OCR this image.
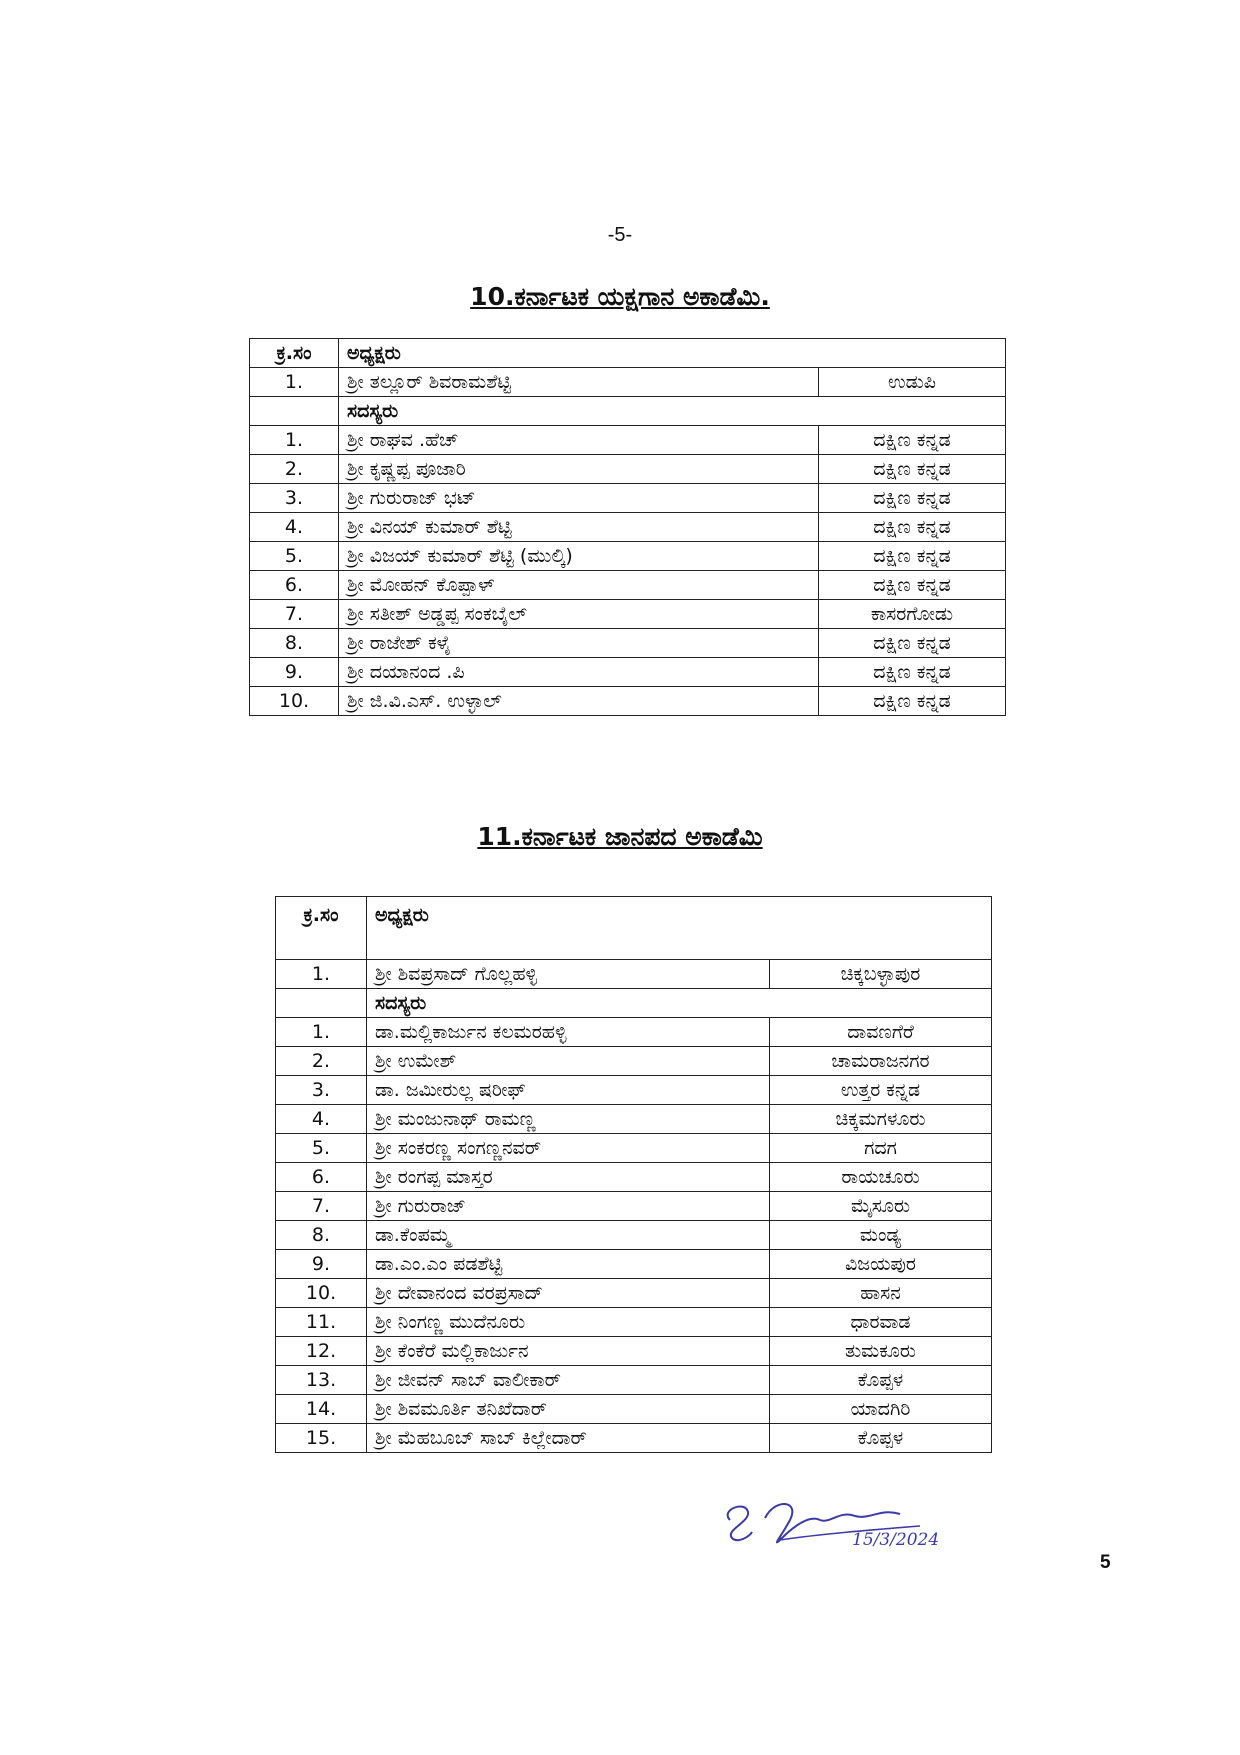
-5-
10.ಕರ್ನಾಟಕ ಯಕ್ಷಗಾನ ಅಕಾಡೆಮಿ.
ಕ್ರ.ಸಂ	ಅಧ್ಯಕ್ಷರು	
1.	ಶ್ರೀ ತಲ್ಲೂರ್ ಶಿವರಾಮಶೆಟ್ಟಿ	ಉಡುಪಿ
	ಸದಸ್ಯರು	
1.	ಶ್ರೀ ರಾಘವ .ಹೆಚ್	ದಕ್ಷಿಣ ಕನ್ನಡ
2.	ಶ್ರೀ ಕೃಷ್ಣಪ್ಪ ಪೂಜಾರಿ	ದಕ್ಷಿಣ ಕನ್ನಡ
3.	ಶ್ರೀ ಗುರುರಾಜ್ ಭಟ್	ದಕ್ಷಿಣ ಕನ್ನಡ
4.	ಶ್ರೀ ವಿನಯ್ ಕುಮಾರ್ ಶೆಟ್ಟಿ	ದಕ್ಷಿಣ ಕನ್ನಡ
5.	ಶ್ರೀ ವಿಜಯ್ ಕುಮಾರ್ ಶೆಟ್ಟಿ (ಮುಲ್ಕಿ)	ದಕ್ಷಿಣ ಕನ್ನಡ
6.	ಶ್ರೀ ಮೋಹನ್ ಕೊಪ್ಪಾಳ್	ದಕ್ಷಿಣ ಕನ್ನಡ
7.	ಶ್ರೀ ಸತೀಶ್ ಅಡ್ಡಪ್ಪ ಸಂಕಬೈಲ್	ಕಾಸರಗೋಡು
8.	ಶ್ರೀ ರಾಜೇಶ್ ಕಳೈ	ದಕ್ಷಿಣ ಕನ್ನಡ
9.	ಶ್ರೀ ದಯಾನಂದ .ಪಿ	ದಕ್ಷಿಣ ಕನ್ನಡ
10.	ಶ್ರೀ ಜಿ.ವಿ.ಎಸ್. ಉಳ್ಳಾಲ್	ದಕ್ಷಿಣ ಕನ್ನಡ
11.ಕರ್ನಾಟಕ ಜಾನಪದ ಅಕಾಡೆಮಿ
ಕ್ರ.ಸಂ	ಅಧ್ಯಕ್ಷರು	
1.	ಶ್ರೀ ಶಿವಪ್ರಸಾದ್ ಗೊಲ್ಲಹಳ್ಳಿ	ಚಿಕ್ಕಬಳ್ಳಾಪುರ
	ಸದಸ್ಯರು	
1.	ಡಾ.ಮಲ್ಲಿಕಾರ್ಜುನ ಕಲಮರಹಳ್ಳಿ	ದಾವಣಗೆರೆ
2.	ಶ್ರೀ ಉಮೇಶ್	ಚಾಮರಾಜನಗರ
3.	ಡಾ. ಜಮೀರುಲ್ಲ ಷರೀಫ್	ಉತ್ತರ ಕನ್ನಡ
4.	ಶ್ರೀ ಮಂಜುನಾಥ್ ರಾಮಣ್ಣ	ಚಿಕ್ಕಮಗಳೂರು
5.	ಶ್ರೀ ಸಂಕರಣ್ಣ ಸಂಗಣ್ಣನವರ್	ಗದಗ
6.	ಶ್ರೀ ರಂಗಪ್ಪ ಮಾಸ್ತರ	ರಾಯಚೂರು
7.	ಶ್ರೀ ಗುರುರಾಜ್	ಮೈಸೂರು
8.	ಡಾ.ಕೆಂಪಮ್ಮ	ಮಂಡ್ಯ
9.	ಡಾ.ಎಂ.ಎಂ ಪಡಶೆಟ್ಟಿ	ವಿಜಯಪುರ
10.	ಶ್ರೀ ದೇವಾನಂದ ವರಪ್ರಸಾದ್	ಹಾಸನ
11.	ಶ್ರೀ ನಿಂಗಣ್ಣ ಮುದೆನೂರು	ಧಾರವಾಡ
12.	ಶ್ರೀ ಕೆಂಕೆರೆ ಮಲ್ಲಿಕಾರ್ಜುನ	ತುಮಕೂರು
13.	ಶ್ರೀ ಜೀವನ್ ಸಾಬ್ ವಾಲೀಕಾರ್	ಕೊಪ್ಪಳ
14.	ಶ್ರೀ ಶಿವಮೂರ್ತಿ ತನಿಖೆದಾರ್	ಯಾದಗಿರಿ
15.	ಶ್ರೀ ಮೆಹಬೂಬ್ ಸಾಬ್ ಕಿಲ್ಲೇದಾರ್	ಕೊಪ್ಪಳ
15/3/2024
5
